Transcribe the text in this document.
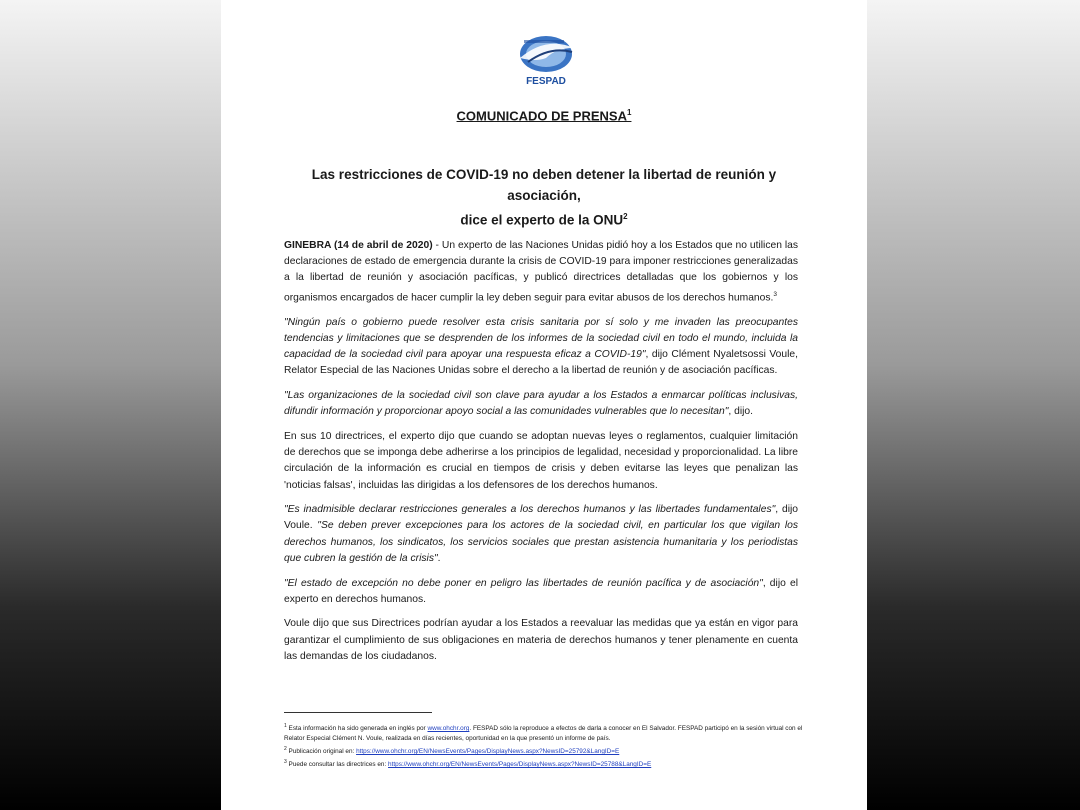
FESPAD
COMUNICADO DE PRENSA$^1$
Las restricciones de COVID-19 no deben detener la libertad de reunión y asociación,
dice el experto de la ONU$^2$

GINEBRA (14 de abril de 2020) - Un experto de las Naciones Unidas pidió hoy a los Estados que no utilicen las declaraciones de estado de emergencia durante la crisis de COVID-19 para imponer restricciones generalizadas a la libertad de reunión y asociación pacíficas, y publicó directrices detalladas que los gobiernos y los organismos encargados de hacer cumplir la ley deben seguir para evitar abusos de los derechos humanos.$^3$

"Ningún país o gobierno puede resolver esta crisis sanitaria por sí solo y me invaden las preocupantes tendencias y limitaciones que se desprenden de los informes de la sociedad civil en todo el mundo, incluida la capacidad de la sociedad civil para apoyar una respuesta eficaz a COVID-19", dijo Clément Nyaletsossi Voule, Relator Especial de las Naciones Unidas sobre el derecho a la libertad de reunión y de asociación pacíficas.

"Las organizaciones de la sociedad civil son clave para ayudar a los Estados a enmarcar políticas inclusivas, difundir información y proporcionar apoyo social a las comunidades vulnerables que lo necesitan", dijo.

En sus 10 directrices, el experto dijo que cuando se adoptan nuevas leyes o reglamentos, cualquier limitación de derechos que se imponga debe adherirse a los principios de legalidad, necesidad y proporcionalidad. La libre circulación de la información es crucial en tiempos de crisis y deben evitarse las leyes que penalizan las 'noticias falsas', incluidas las dirigidas a los defensores de los derechos humanos.

"Es inadmisible declarar restricciones generales a los derechos humanos y las libertades fundamentales", dijo Voule. "Se deben prever excepciones para los actores de la sociedad civil, en particular los que vigilan los derechos humanos, los sindicatos, los servicios sociales que prestan asistencia humanitaria y los periodistas que cubren la gestión de la crisis".

"El estado de excepción no debe poner en peligro las libertades de reunión pacífica y de asociación", dijo el experto en derechos humanos.

Voule dijo que sus Directrices podrían ayudar a los Estados a reevaluar las medidas que ya están en vigor para garantizar el cumplimiento de sus obligaciones en materia de derechos humanos y tener plenamente en cuenta las demandas de los ciudadanos.

$^1$ Esta información ha sido generada en inglés por www.ohchr.org. FESPAD sólo la reproduce a efectos de darla a conocer en El Salvador. FESPAD participó en la sesión virtual con el Relator Especial Clément N. Voule, realizada en días recientes, oportunidad en la que presentó un informe de país.

$^2$ Publicación original en: https://www.ohchr.org/EN/NewsEvents/Pages/DisplayNews.aspx?NewsID=25792&LangID=E

$^3$ Puede consultar las directrices en: https://www.ohchr.org/EN/NewsEvents/Pages/DisplayNews.aspx?NewsID=25788&LangID=E
